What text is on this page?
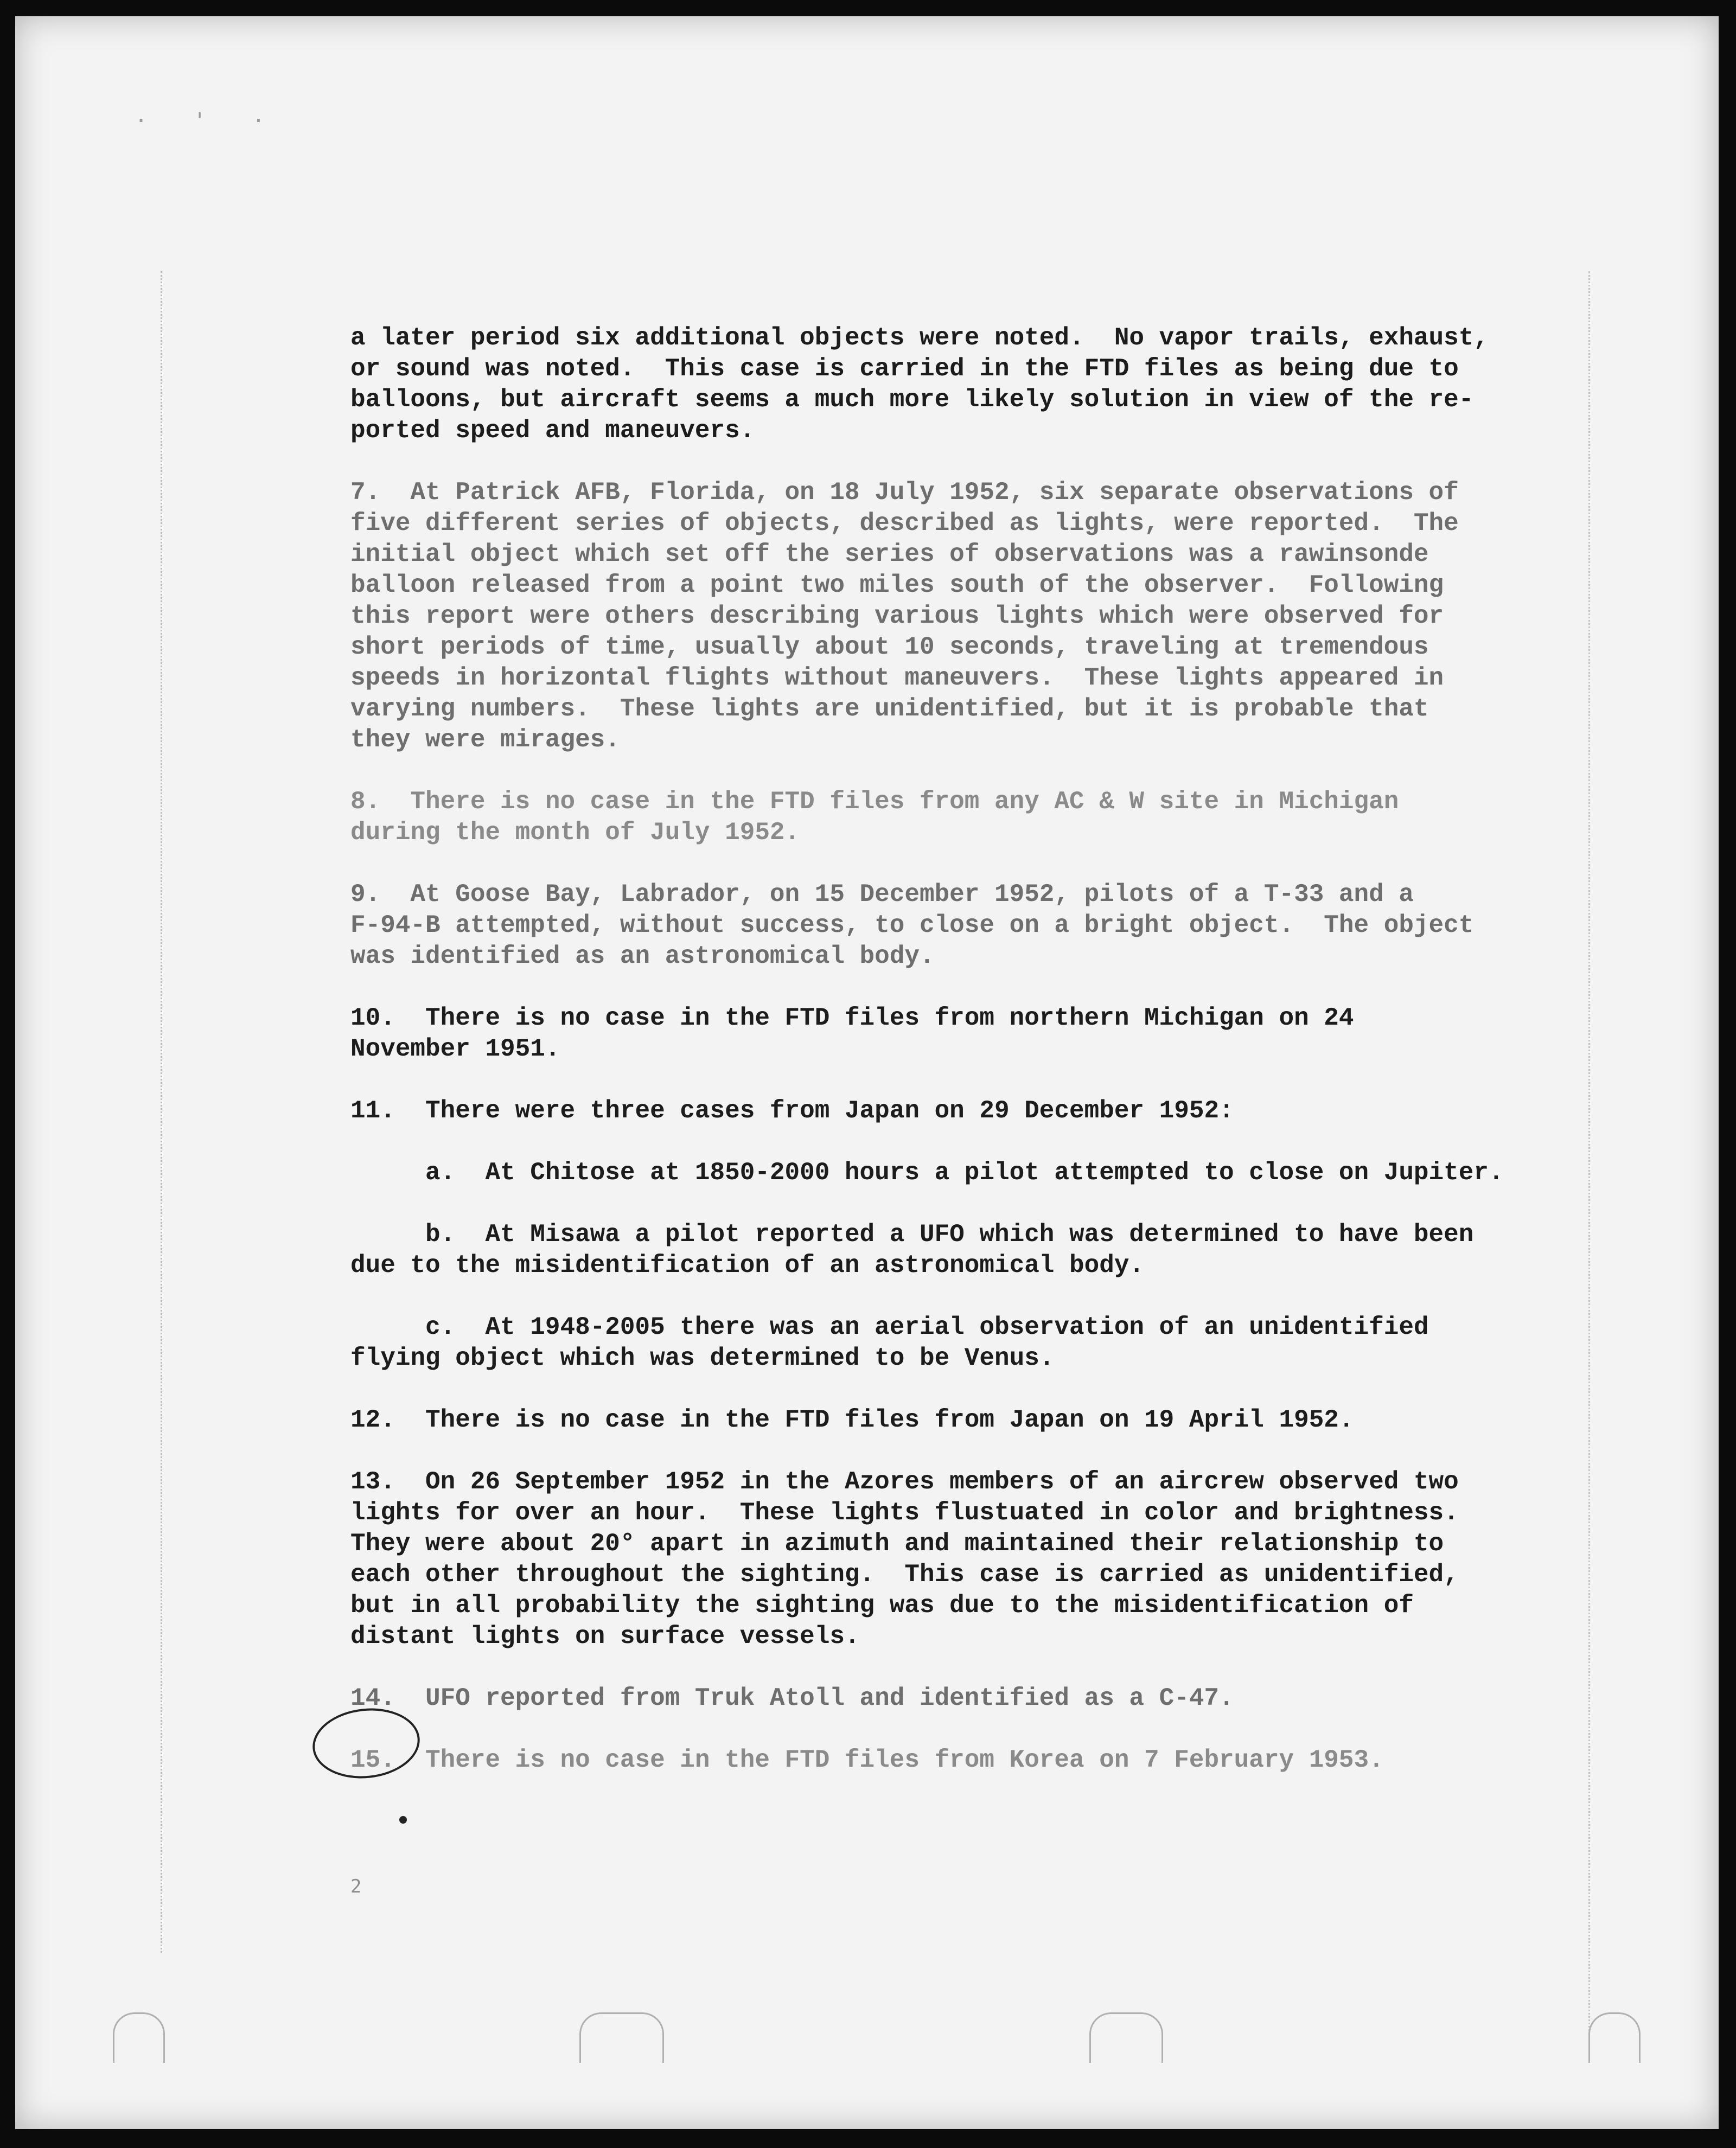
· ' ·
a later period six additional objects were noted.  No vapor trails, exhaust,
or sound was noted.  This case is carried in the FTD files as being due to
balloons, but aircraft seems a much more likely solution in view of the re-
ported speed and maneuvers.
7.  At Patrick AFB, Florida, on 18 July 1952, six separate observations of
five different series of objects, described as lights, were reported.  The
initial object which set off the series of observations was a rawinsonde
balloon released from a point two miles south of the observer.  Following
this report were others describing various lights which were observed for
short periods of time, usually about 10 seconds, traveling at tremendous
speeds in horizontal flights without maneuvers.  These lights appeared in
varying numbers.  These lights are unidentified, but it is probable that
they were mirages.
8.  There is no case in the FTD files from any AC & W site in Michigan
during the month of July 1952.
9.  At Goose Bay, Labrador, on 15 December 1952, pilots of a T-33 and a
F-94-B attempted, without success, to close on a bright object.  The object
was identified as an astronomical body.
10.  There is no case in the FTD files from northern Michigan on 24
November 1951.
11.  There were three cases from Japan on 29 December 1952:
a.  At Chitose at 1850-2000 hours a pilot attempted to close on Jupiter.
b.  At Misawa a pilot reported a UFO which was determined to have been
due to the misidentification of an astronomical body.
c.  At 1948-2005 there was an aerial observation of an unidentified
flying object which was determined to be Venus.
12.  There is no case in the FTD files from Japan on 19 April 1952.
13.  On 26 September 1952 in the Azores members of an aircrew observed two
lights for over an hour.  These lights flustuated in color and brightness.
They were about 20° apart in azimuth and maintained their relationship to
each other throughout the sighting.  This case is carried as unidentified,
but in all probability the sighting was due to the misidentification of
distant lights on surface vessels.
14.  UFO reported from Truk Atoll and identified as a C-47.
15.  There is no case in the FTD files from Korea on 7 February 1953.
2
